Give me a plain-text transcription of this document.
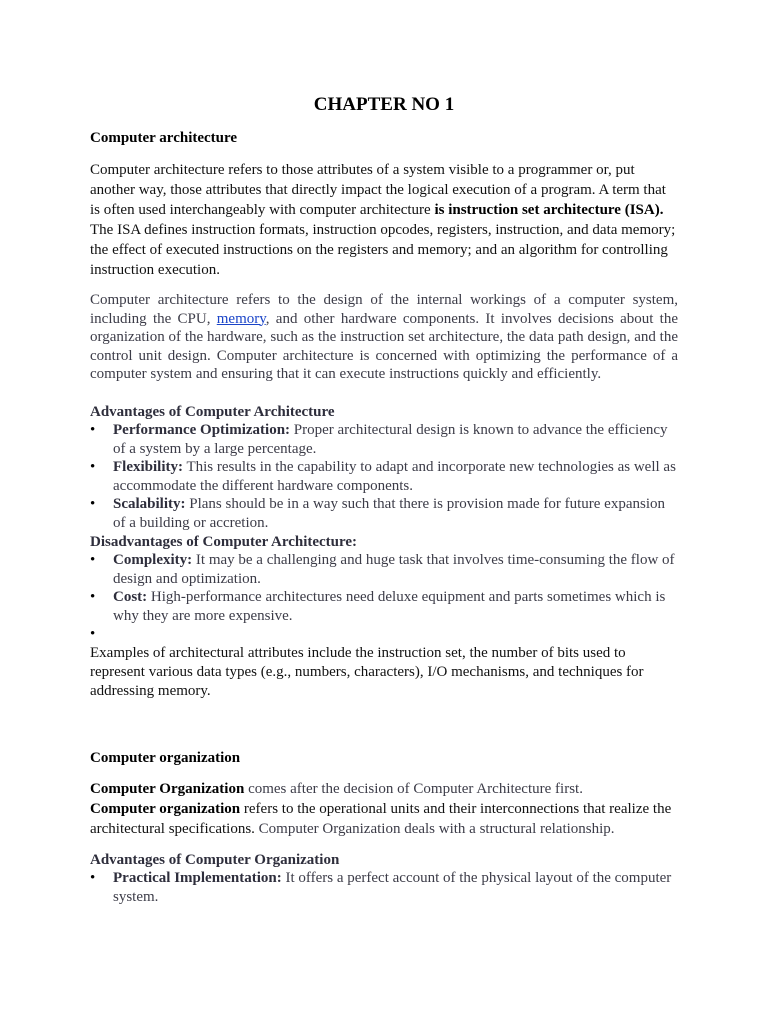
CHAPTER NO 1
Computer architecture

Computer architecture refers to those attributes of a system visible to a programmer or, put another way, those attributes that directly impact the logical execution of a program. A term that is often used interchangeably with computer architecture is instruction set architecture (ISA). The ISA defines instruction formats, instruction opcodes, registers, instruction, and data memory; the effect of executed instructions on the registers and memory; and an algorithm for controlling instruction execution.

Computer architecture refers to the design of the internal workings of a computer system, including the CPU, memory, and other hardware components. It involves decisions about the organization of the hardware, such as the instruction set architecture, the data path design, and the control unit design. Computer architecture is concerned with optimizing the performance of a computer system and ensuring that it can execute instructions quickly and efficiently.

Advantages of Computer Architecture
• Performance Optimization: Proper architectural design is known to advance the efficiency of a system by a large percentage.
• Flexibility: This results in the capability to adapt and incorporate new technologies as well as accommodate the different hardware components.
• Scalability: Plans should be in a way such that there is provision made for future expansion of a building or accretion.
Disadvantages of Computer Architecture:
• Complexity: It may be a challenging and huge task that involves time-consuming the flow of design and optimization.
• Cost: High-performance architectures need deluxe equipment and parts sometimes which is why they are more expensive.
•

Examples of architectural attributes include the instruction set, the number of bits used to represent various data types (e.g., numbers, characters), I/O mechanisms, and techniques for addressing memory.

Computer organization

Computer Organization comes after the decision of Computer Architecture first.
Computer organization refers to the operational units and their interconnections that realize the architectural specifications. Computer Organization deals with a structural relationship.

Advantages of Computer Organization
• Practical Implementation: It offers a perfect account of the physical layout of the computer system.
